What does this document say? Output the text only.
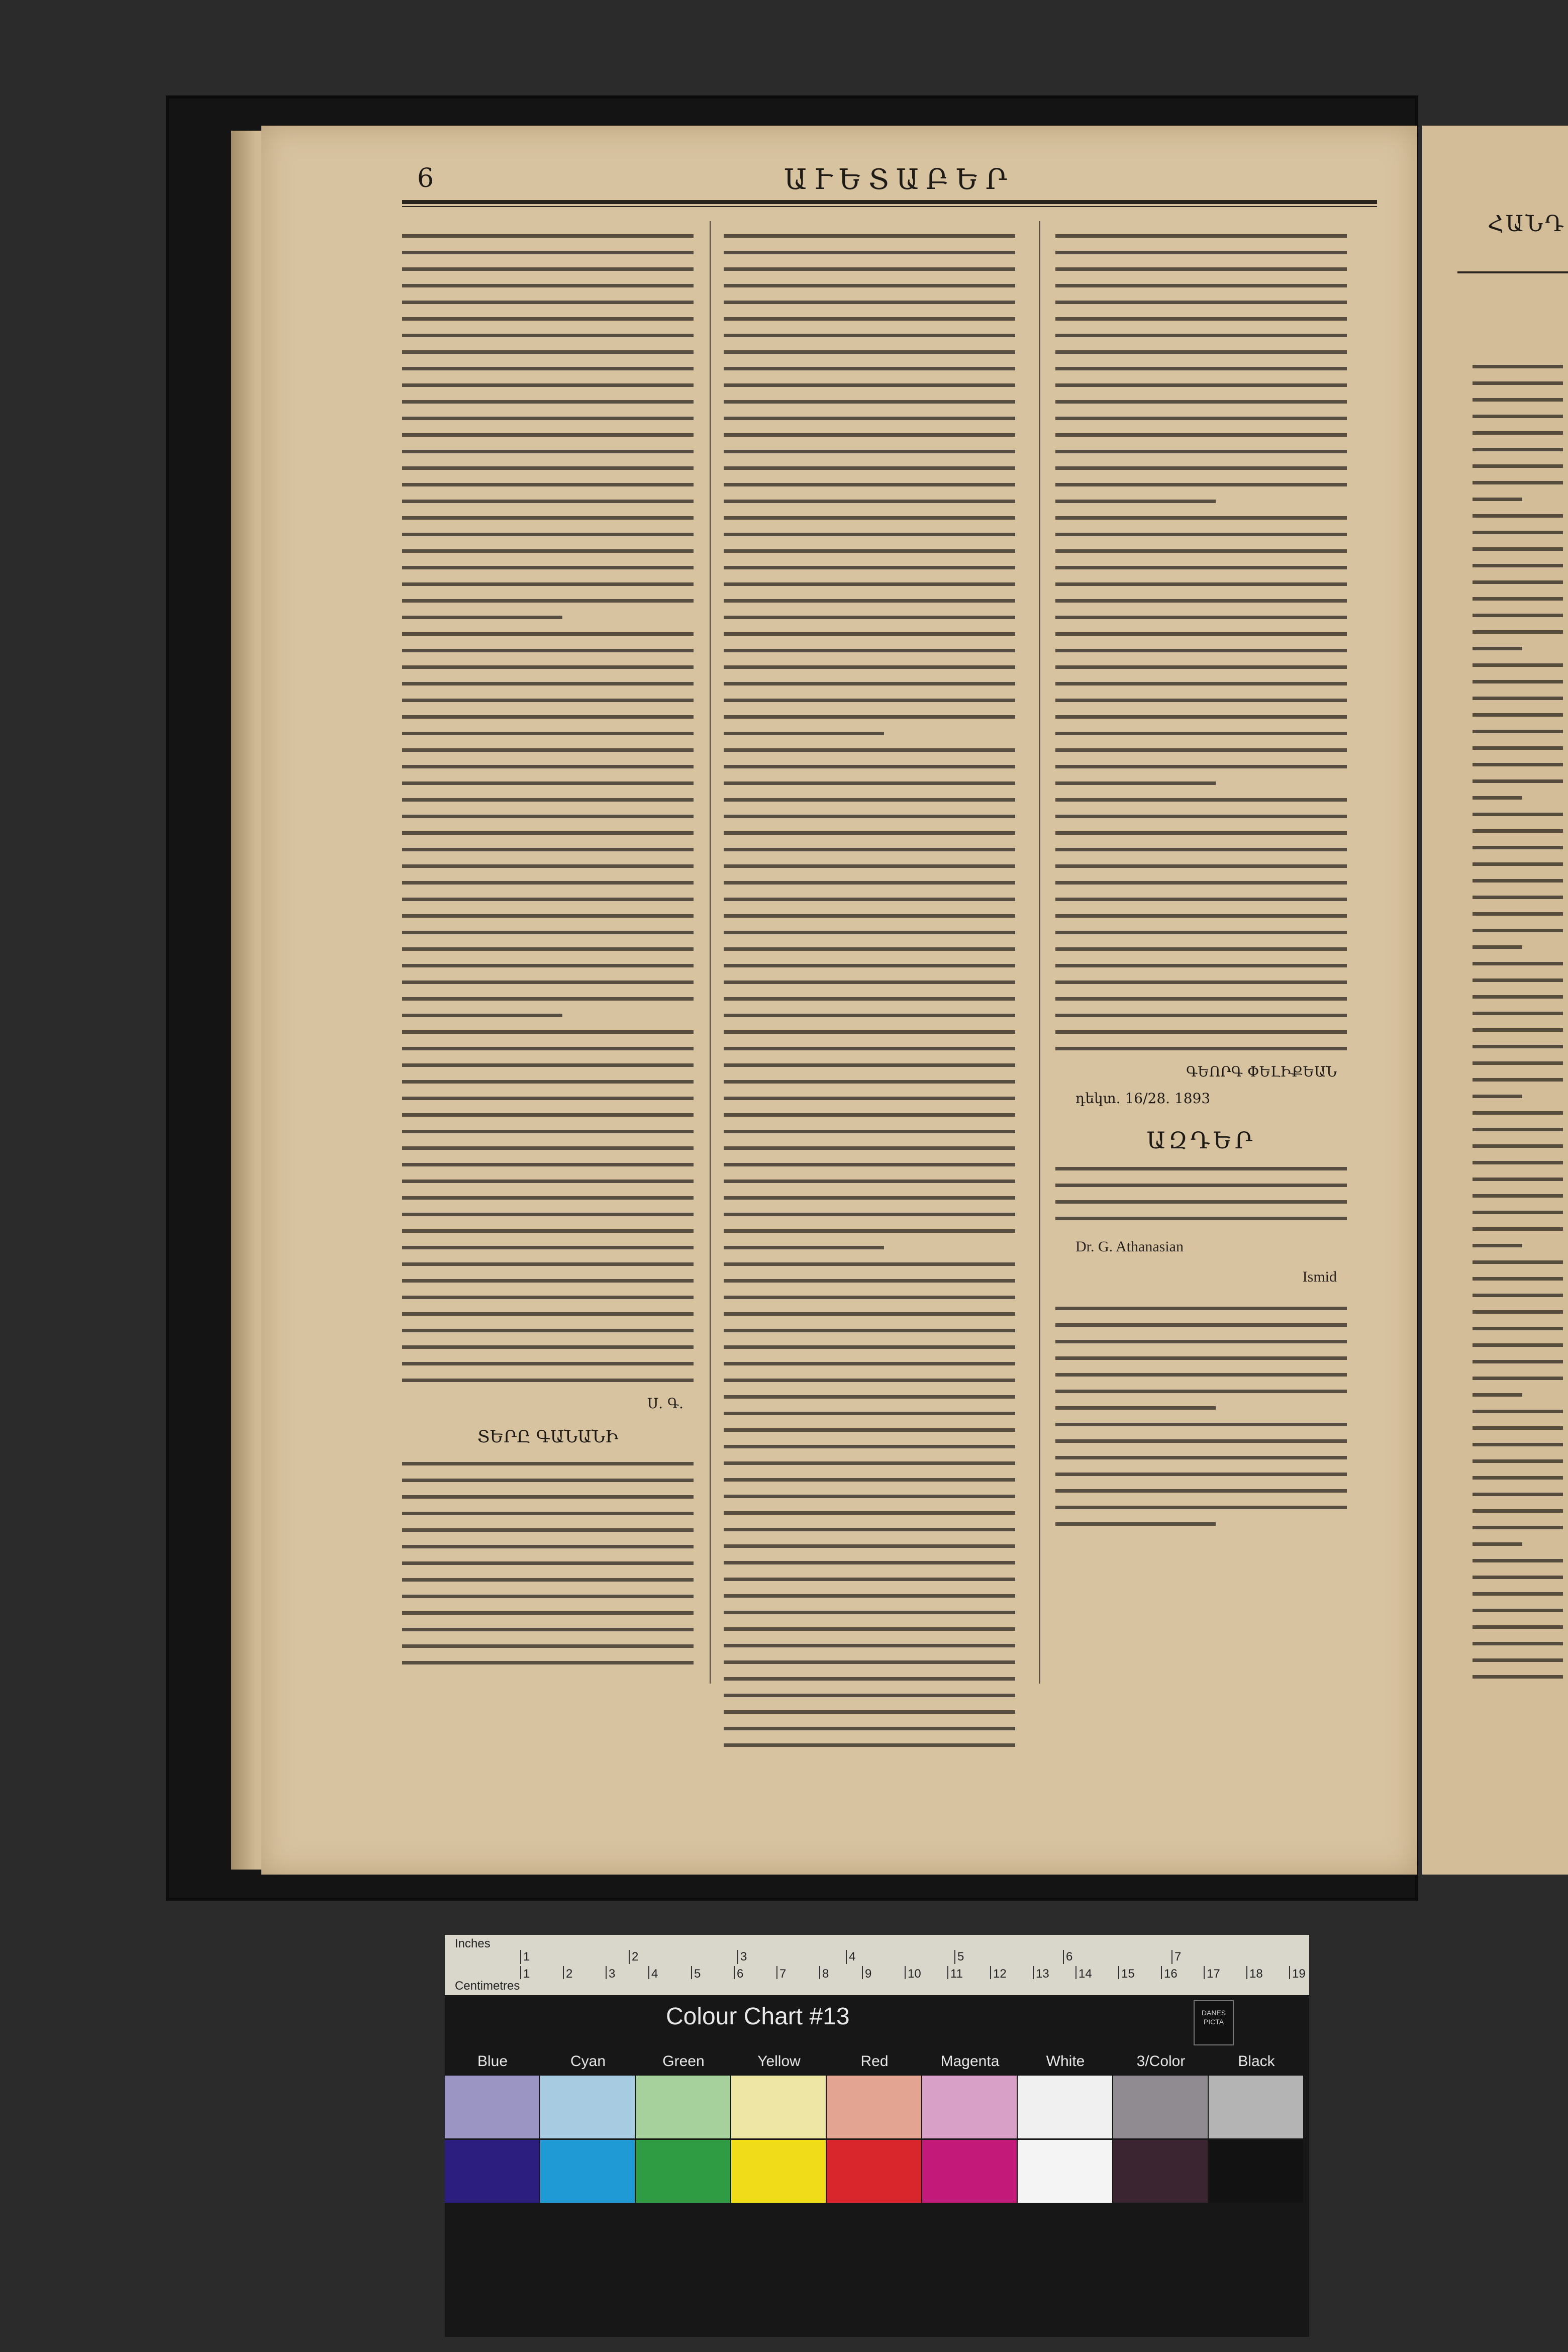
6	ԱՒԵՏԱԲԵՐ
Ս. Գ.
ՏԵՐԸ ԳԱՆԱՆԻ
ԳԵՈՐԳ ՓԵԼԻՔԵԱՆ
դեկտ. 16/28. 1893
ԱԶԴԵՐ
Dr. G. Athanasian
Ismid
ՀԱՆԴ
Inches
Centimetres
1	2	3	4	5	6	7
1	2	3	4	5	6	7	8	9	10 11	12 13 14 15 16 17 18 19
Colour Chart #13	DANES PICTA
Blue	Cyan	Green	Yellow	Red	Magenta	White	3/Color	Black
